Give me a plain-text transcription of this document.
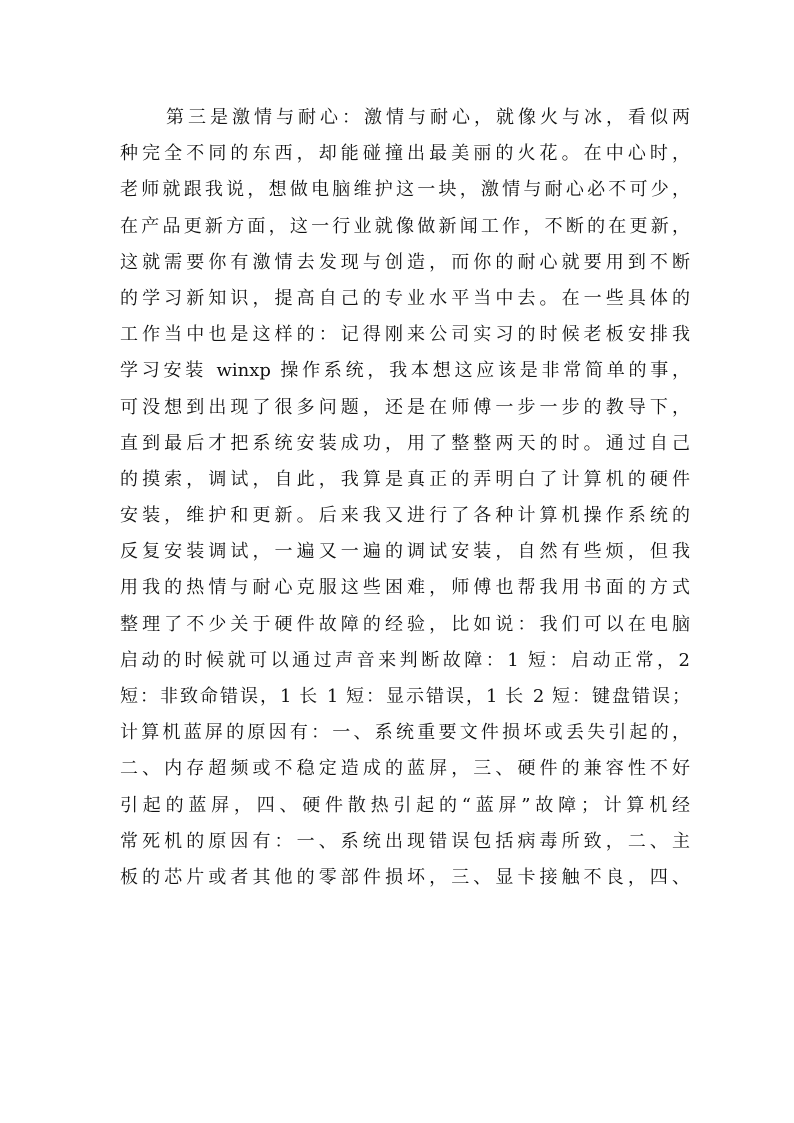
第三是激情与耐心：激情与耐心，就像火与冰，看似两
种完全不同的东西，却能碰撞出最美丽的火花。在中心时，
老师就跟我说，想做电脑维护这一块，激情与耐心必不可少，
在产品更新方面，这一行业就像做新闻工作，不断的在更新，
这就需要你有激情去发现与创造，而你的耐心就要用到不断
的学习新知识，提高自己的专业水平当中去。在一些具体的
工作当中也是这样的：记得刚来公司实习的时候老板安排我
学习安装 winxp 操作系统，我本想这应该是非常简单的事，
可没想到出现了很多问题，还是在师傅一步一步的教导下，
直到最后才把系统安装成功，用了整整两天的时。通过自己
的摸索，调试，自此，我算是真正的弄明白了计算机的硬件
安装，维护和更新。后来我又进行了各种计算机操作系统的
反复安装调试，一遍又一遍的调试安装，自然有些烦，但我
用我的热情与耐心克服这些困难，师傅也帮我用书面的方式
整理了不少关于硬件故障的经验，比如说：我们可以在电脑
启动的时候就可以通过声音来判断故障：1 短：启动正常，2
短：非致命错误，1 长 1 短：显示错误，1 长 2 短：键盘错误；
计算机蓝屏的原因有：一、系统重要文件损坏或丢失引起的，
二、内存超频或不稳定造成的蓝屏，三、硬件的兼容性不好
引起的蓝屏，四、硬件散热引起的“蓝屏”故障；计算机经
常死机的原因有：一、系统出现错误包括病毒所致，二、主
板的芯片或者其他的零部件损坏，三、显卡接触不良，四、
